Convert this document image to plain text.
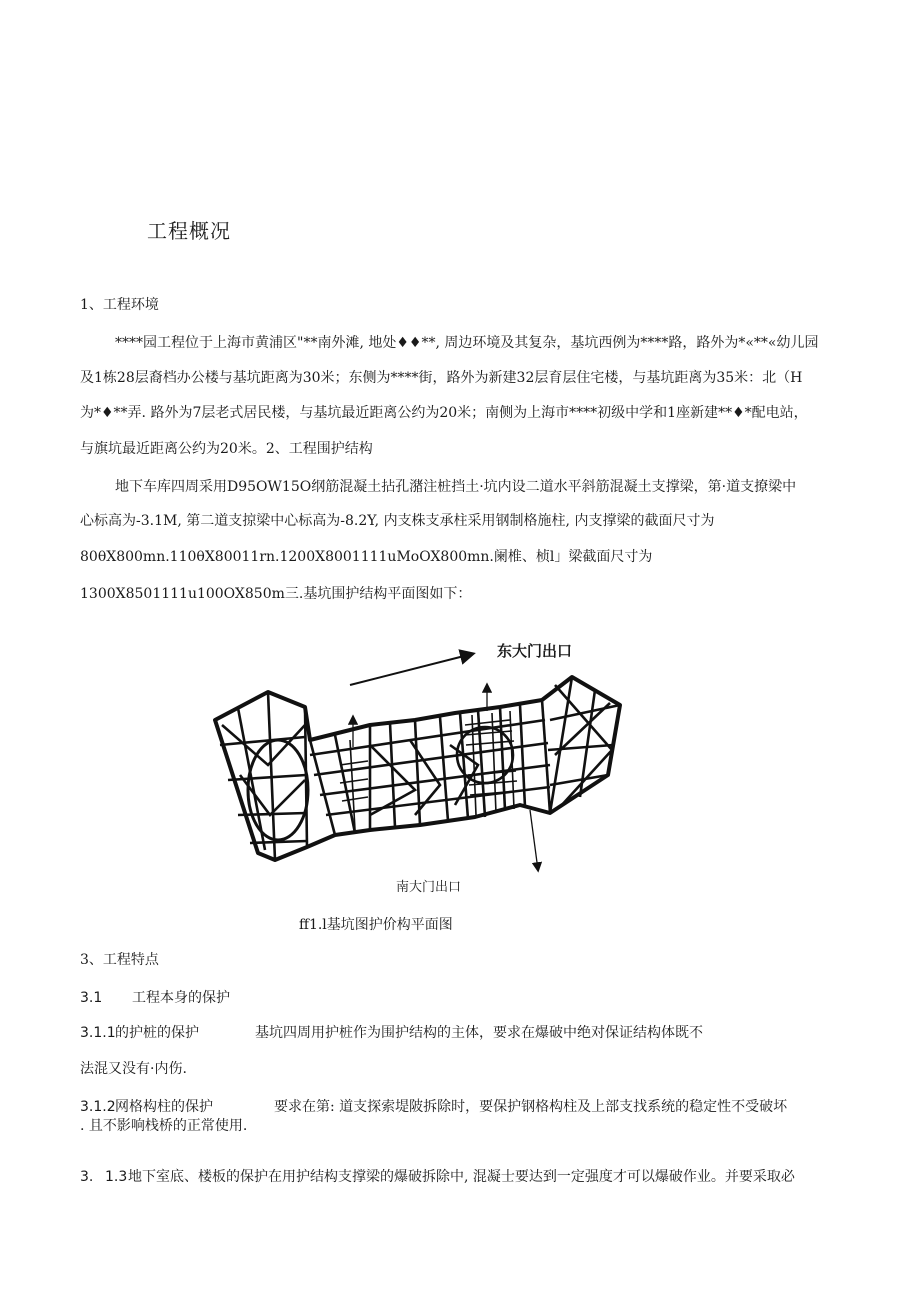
工程概况
1、工程环境
****园工程位于上海市黄浦区"**南外滩, 地处♦♦**, 周边环境及其复杂，基坑西例为****路，路外为*«**«幼儿园
及1栋28层裔档办公楼与基坑距离为30米；东侧为****街，路外为新建32层育层住宅楼，与基坑距离为35米：北（H
为*♦**弄. 路外为7层老式居民楼，与基坑最近距离公约为20米；南侧为上海市****初级中学和1座新建**♦*配电站，
与旗坑最近距离公约为20米。2、工程围护结构
地下车库四周采用D95OW15O纲筋混凝土拈孔潴注桩挡土·坑内设二道水平斜筋混凝土支撑梁，第·道支撩梁中
心标高为-3.1M, 第二道支掠梁中心标高为-8.2Y, 内支株支承柱采用钢制格施柱, 内支撑梁的截面尺寸为
80θX800mn.110θX80011rn.1200X8001111uMoOX800mn.阑椎、桢l」梁截面尺寸为
1300X8501111u100OX850m三.基坑围护结构平面图如下：
东大门出口
南大门出口
ff1.l基坑图护价构平面图
3、工程特点
3.1 工程本身的保护
3.1.1 的护桩的保护	基坑四周用护桩作为围护结构的主体，要求在爆破中绝对保证结构体既不
法混又没有·内伤.
3.1.2 网格构柱的保护	要求在第: 道支探索堤陂拆除时，要保护钢格构柱及上部支找系统的稳定性不受破坏
. 且不影响栈桥的正常使用.
3. 1.3 地下室底、楼板的保护在用护结构支撑梁的爆破拆除中, 混凝士要达到一定强度才可以爆破作业。并要采取必
